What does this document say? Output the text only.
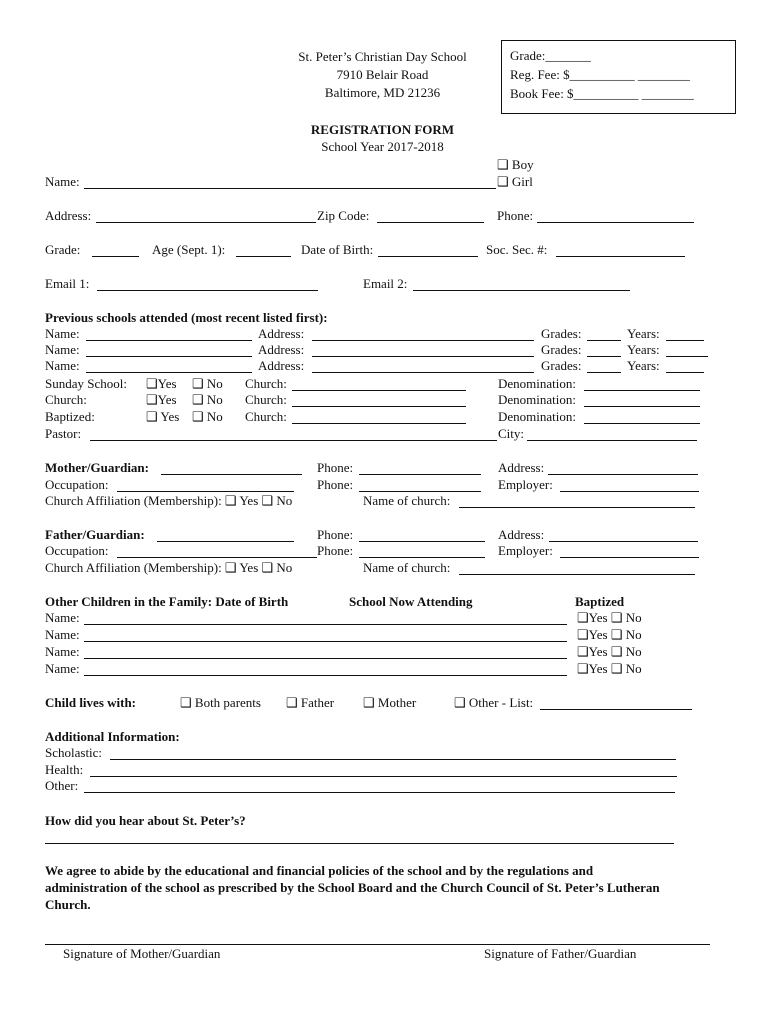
St. Peter’s Christian Day School
7910 Belair Road
Baltimore, MD 21236
Grade:_______
Reg. Fee: $__________ ________
Book Fee: $__________ ________
REGISTRATION FORM
School Year 2017-2018
❑ Boy
❑ Girl
Name:
Address:	Zip Code:	Phone:
Grade:	Age (Sept. 1):	Date of Birth:	Soc. Sec. #:
Email 1:	Email 2:
Previous schools attended (most recent listed first):
Name:	Address:	Grades:	Years:
Name:	Address:	Grades:	Years:
Name:	Address:	Grades:	Years:
Sunday School: ❑Yes ❑ No Church:	Denomination:
Church:	❑Yes ❑ No Church:	Denomination:
Baptized:	❑ Yes ❑ No Church:	Denomination:
Pastor:	City:
Mother/Guardian:	Phone:	Address:
Occupation:	Phone:	Employer:
Church Affiliation (Membership): ❑ Yes ❑ No	Name of church:
Father/Guardian:	Phone:	Address:
Occupation:	Phone:	Employer:
Church Affiliation (Membership): ❑ Yes ❑ No	Name of church:
Other Children in the Family: Date of Birth	School Now Attending	Baptized
Name:	❑Yes ❑ No
Name:	❑Yes ❑ No
Name:	❑Yes ❑ No
Name:	❑Yes ❑ No
Child lives with:	❑ Both parents ❑ Father ❑ Mother	❑ Other - List:
Additional Information:
Scholastic:
Health:
Other:
How did you hear about St. Peter’s?
We agree to abide by the educational and financial policies of the school and by the regulations and
administration of the school as prescribed by the School Board and the Church Council of St. Peter’s Lutheran
Church.
Signature of Mother/Guardian	Signature of Father/Guardian
